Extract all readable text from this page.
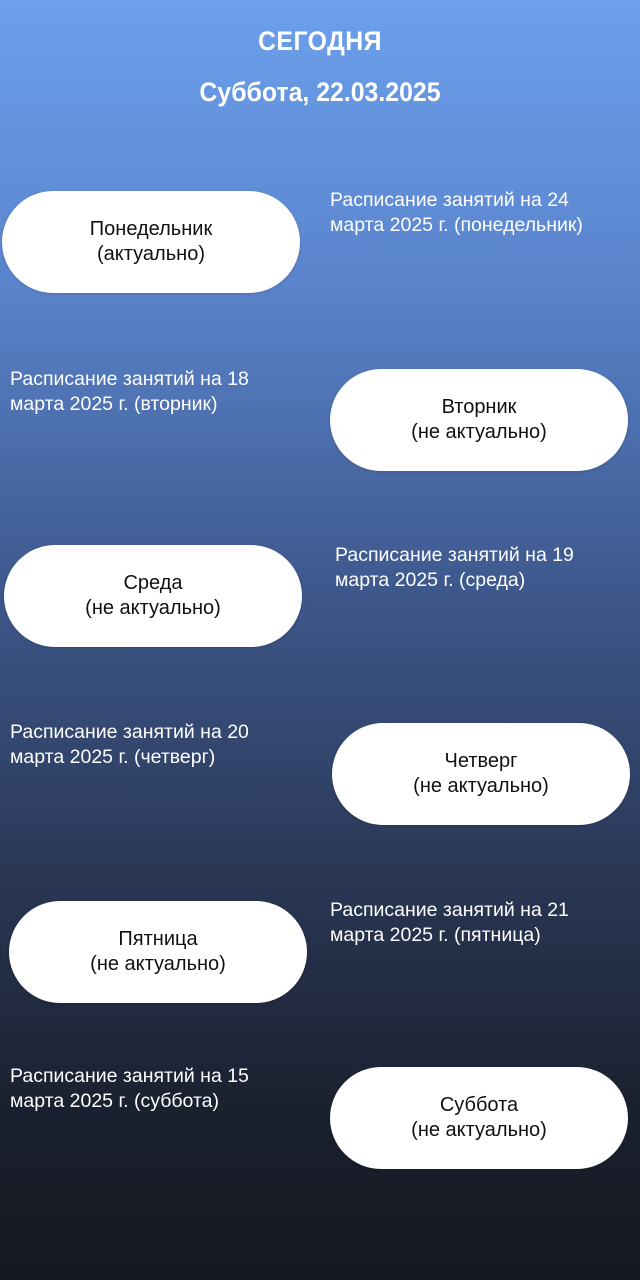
СЕГОДНЯ
Суббота, 22.03.2025
Понедельник
(актуально)
Расписание занятий на 24
марта 2025 г. (понедельник)
Расписание занятий на 18
марта 2025 г. (вторник)	Вторник
(не актуально)
Среда
(не актуально)
Расписание занятий на 19
марта 2025 г. (среда)
Расписание занятий на 20
марта 2025 г. (четверг)	Четверг
(не актуально)
Пятница
(не актуально)
Расписание занятий на 21
марта 2025 г. (пятница)
Расписание занятий на 15
марта 2025 г. (суббота)	Суббота
(не актуально)
